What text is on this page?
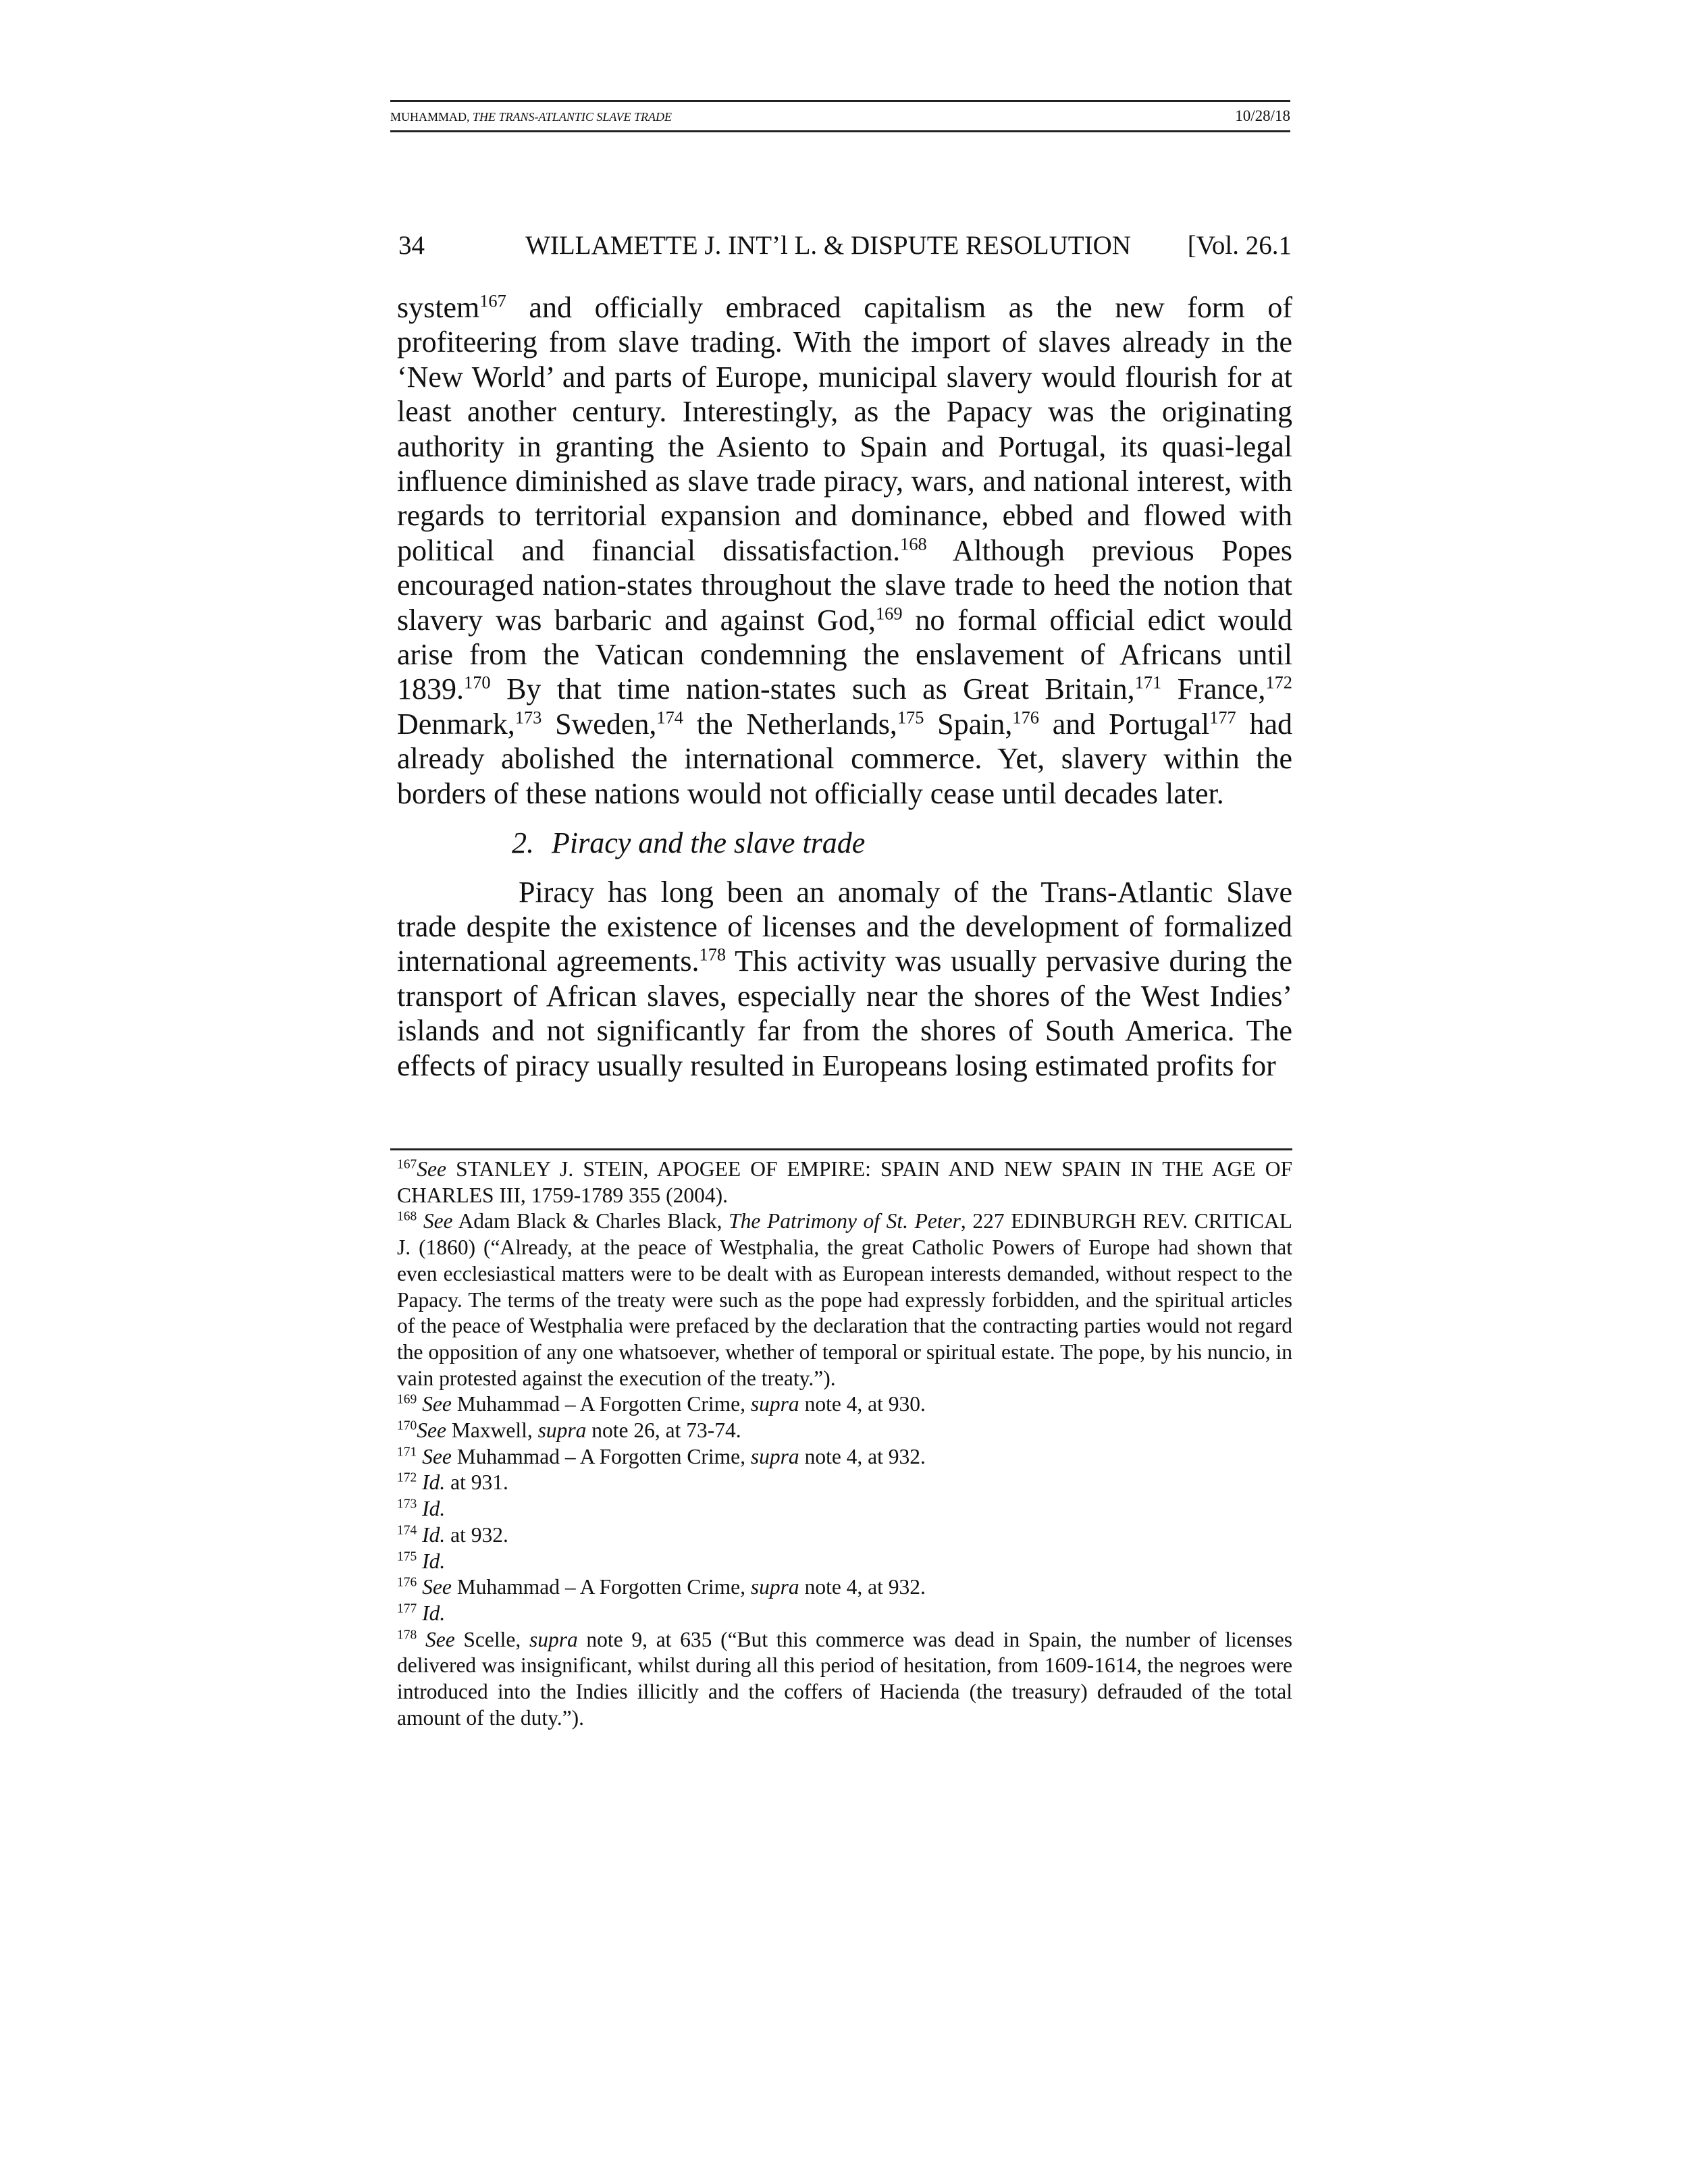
MUHAMMAD, THE TRANS-ATLANTIC SLAVE TRADE	10/28/18
34	WILLAMETTE J. INT’l L. & DISPUTE RESOLUTION	[Vol. 26.1

system$^{167}$ and officially embraced capitalism as the new form of profiteering from slave trading. With the import of slaves already in the ‘New World’ and parts of Europe, municipal slavery would flourish for at least another century. Interestingly, as the Papacy was the originating authority in granting the Asiento to Spain and Portugal, its quasi-legal influence diminished as slave trade piracy, wars, and national interest, with regards to territorial expansion and dominance, ebbed and flowed with political and financial dissatisfaction.$^{168}$ Although previous Popes encouraged nation-states throughout the slave trade to heed the notion that slavery was barbaric and against God,$^{169}$ no formal official edict would arise from the Vatican condemning the enslavement of Africans until 1839.$^{170}$ By that time nation-states such as Great Britain,$^{171}$ France,$^{172}$ Denmark,$^{173}$ Sweden,$^{174}$ the Netherlands,$^{175}$ Spain,$^{176}$ and Portugal$^{177}$ had already abolished the international commerce. Yet, slavery within the borders of these nations would not officially cease until decades later.

2. Piracy and the slave trade

Piracy has long been an anomaly of the Trans-Atlantic Slave trade despite the existence of licenses and the development of formalized international agreements.$^{178}$ This activity was usually pervasive during the transport of African slaves, especially near the shores of the West Indies’ islands and not significantly far from the shores of South America. The effects of piracy usually resulted in Europeans losing estimated profits for

$^{167}$See STANLEY J. STEIN, APOGEE OF EMPIRE: SPAIN AND NEW SPAIN IN THE AGE OF CHARLES III, 1759-1789 355 (2004).

$^{168}$ See Adam Black & Charles Black, The Patrimony of St. Peter, 227 EDINBURGH REV. CRITICAL J. (1860) (“Already, at the peace of Westphalia, the great Catholic Powers of Europe had shown that even ecclesiastical matters were to be dealt with as European interests demanded, without respect to the Papacy. The terms of the treaty were such as the pope had expressly forbidden, and the spiritual articles of the peace of Westphalia were prefaced by the declaration that the contracting parties would not regard the opposition of any one whatsoever, whether of temporal or spiritual estate. The pope, by his nuncio, in vain protested against the execution of the treaty.”).

$^{169}$ See Muhammad – A Forgotten Crime, supra note 4, at 930.

$^{170}$See Maxwell, supra note 26, at 73-74.

$^{171}$ See Muhammad – A Forgotten Crime, supra note 4, at 932.

$^{172}$ Id. at 931.

$^{173}$ Id.

$^{174}$ Id. at 932.

$^{175}$ Id.

$^{176}$ See Muhammad – A Forgotten Crime, supra note 4, at 932.

$^{177}$ Id.

$^{178}$ See Scelle, supra note 9, at 635 (“But this commerce was dead in Spain, the number of licenses delivered was insignificant, whilst during all this period of hesitation, from 1609-1614, the negroes were introduced into the Indies illicitly and the coffers of Hacienda (the treasury) defrauded of the total amount of the duty.”).
